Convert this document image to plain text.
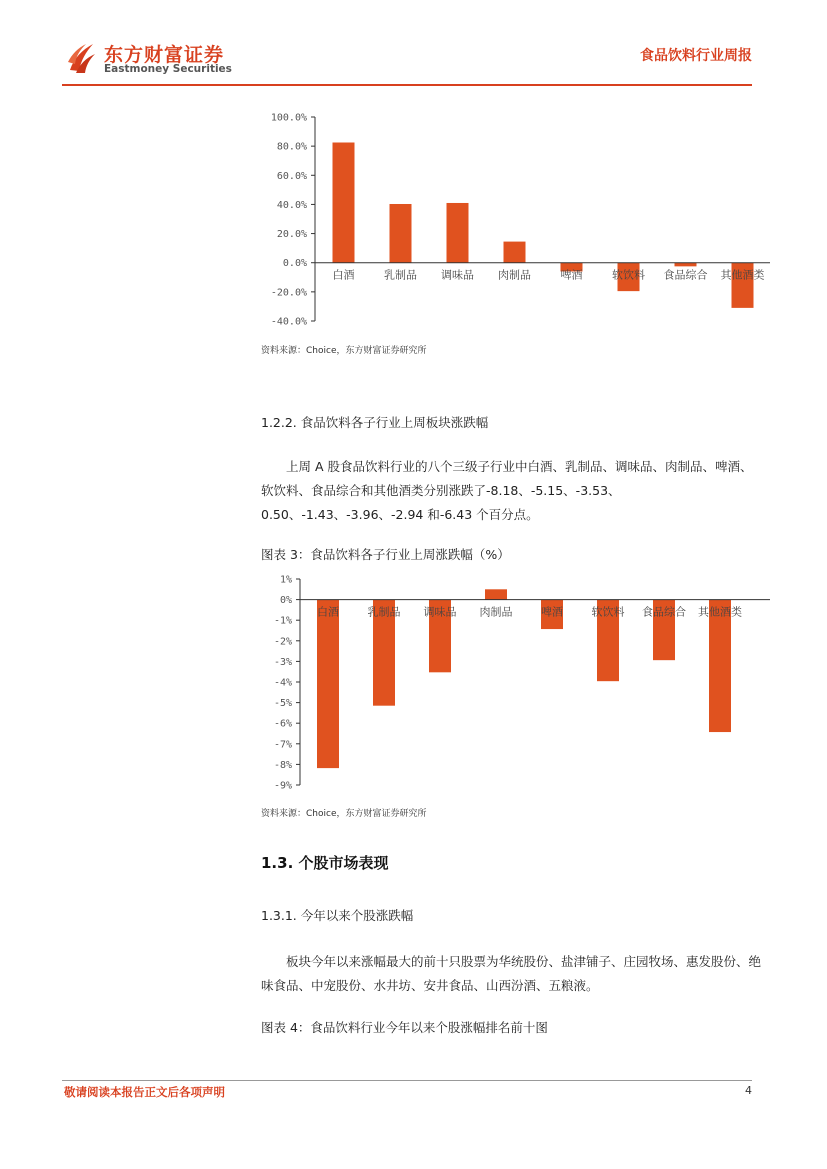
东方财富证券
Eastmoney Securities
食品饮料行业周报
100.0%
80.0%
60.0%
40.0%
20.0%
0.0%
-20.0%
-40.0%
白酒	乳制品 调味品 肉制品	啤酒	软饮料 食品综合 其他酒类
资料来源：Choice，东方财富证券研究所
1.2.2. 食品饮料各子行业上周板块涨跌幅
上周 A 股食品饮料行业的八个三级子行业中白酒、乳制品、调味品、肉制品、啤酒、软饮料、食品综合和其他酒类分别涨跌了-8.18、-5.15、-3.53、0.50、-1.43、-3.96、-2.94 和-6.43 个百分点。
图表 3：食品饮料各子行业上周涨跌幅（%）
1%
0%
-1%
-2%
-3%
-4%
-5%
-6%
-7%
-8%
-9%
白酒	乳制品 调味品 肉制品	啤酒	软饮料 食品综合 其他酒类
资料来源：Choice，东方财富证券研究所
1.3. 个股市场表现
1.3.1. 今年以来个股涨跌幅
板块今年以来涨幅最大的前十只股票为华统股份、盐津铺子、庄园牧场、惠发股份、绝味食品、中宠股份、水井坊、安井食品、山西汾酒、五粮液。
图表 4：食品饮料行业今年以来个股涨幅排名前十图
敬请阅读本报告正文后各项声明	4
